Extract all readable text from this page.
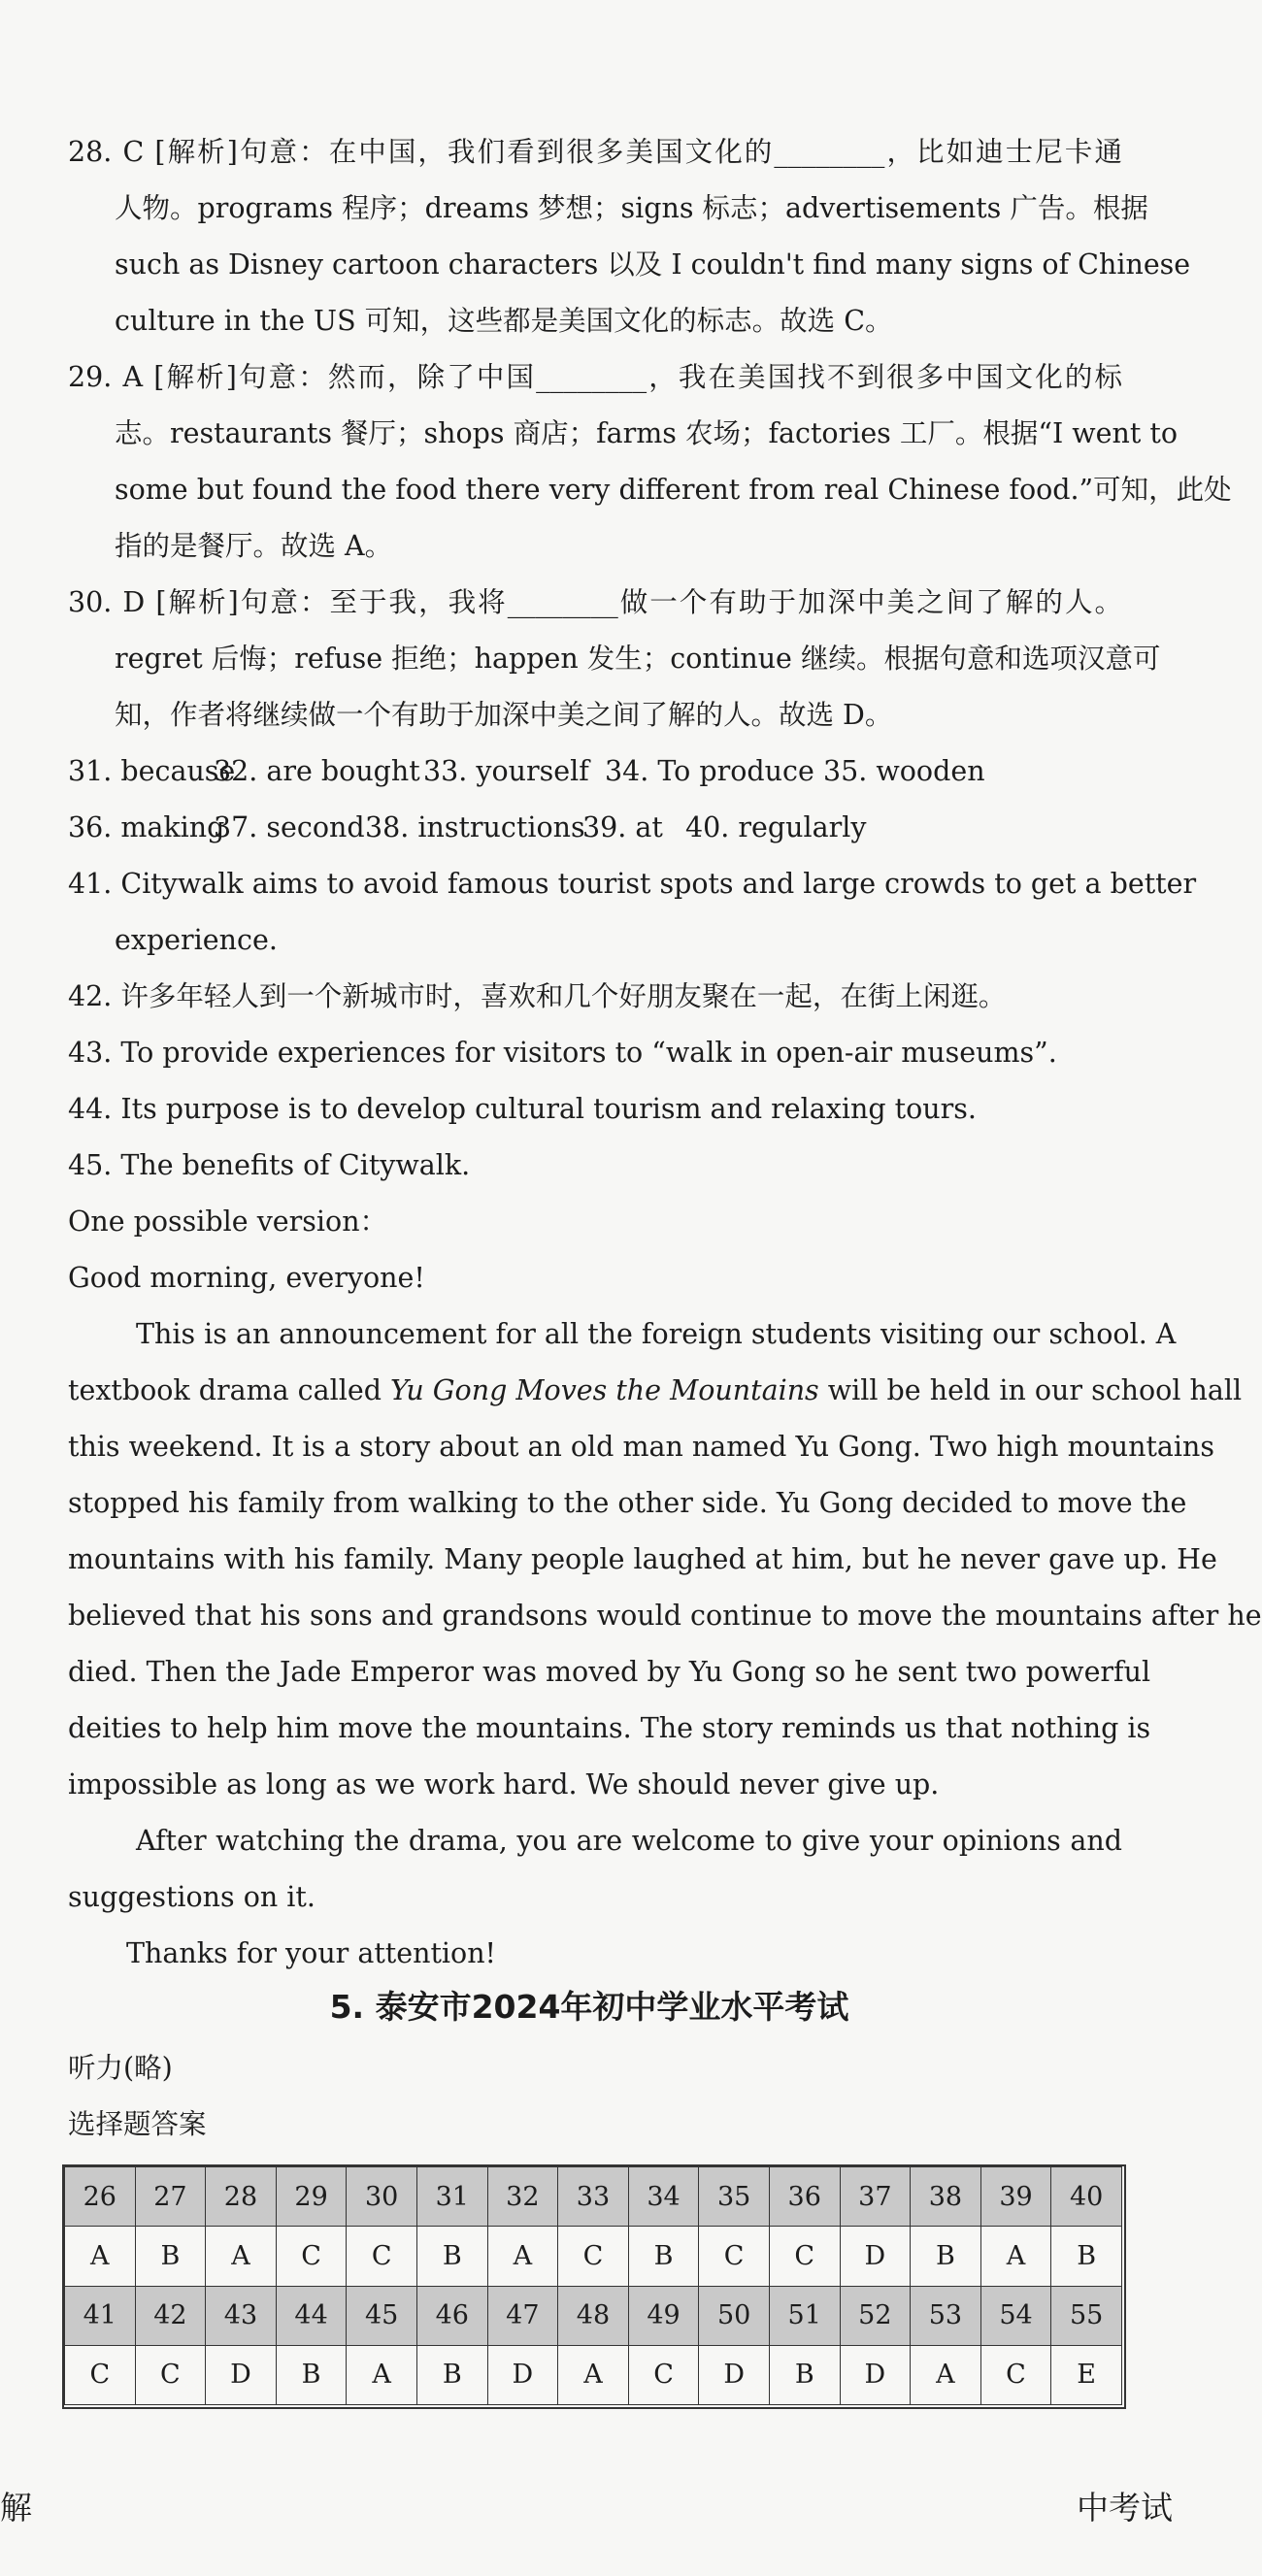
28. C [解析]句意：在中国，我们看到很多美国文化的________，比如迪士尼卡通
人物。programs 程序；dreams 梦想；signs 标志；advertisements 广告。根据
such as Disney cartoon characters 以及 I couldn't find many signs of Chinese
culture in the US 可知，这些都是美国文化的标志。故选 C。
29. A [解析]句意：然而，除了中国________，我在美国找不到很多中国文化的标
志。restaurants 餐厅；shops 商店；farms 农场；factories 工厂。根据“I went to
some but found the food there very different from real Chinese food.”可知，此处
指的是餐厅。故选 A。
30. D [解析]句意：至于我，我将________做一个有助于加深中美之间了解的人。
regret 后悔；refuse 拒绝；happen 发生；continue 继续。根据句意和选项汉意可
知，作者将继续做一个有助于加深中美之间了解的人。故选 D。
31. because32. are bought 33. yourself 34. To produce 35. wooden
36. making37. second38. instructions39. at 40. regularly
41. Citywalk aims to avoid famous tourist spots and large crowds to get a better
experience.
42. 许多年轻人到一个新城市时，喜欢和几个好朋友聚在一起，在街上闲逛。
43. To provide experiences for visitors to “walk in open-air museums”.
44. Its purpose is to develop cultural tourism and relaxing tours.
45. The benefits of Citywalk.
One possible version：
Good morning, everyone!
This is an announcement for all the foreign students visiting our school. A
textbook drama called Yu Gong Moves the Mountains will be held in our school hall
this weekend. It is a story about an old man named Yu Gong. Two high mountains
stopped his family from walking to the other side. Yu Gong decided to move the
mountains with his family. Many people laughed at him, but he never gave up. He
believed that his sons and grandsons would continue to move the mountains after he
died. Then the Jade Emperor was moved by Yu Gong so he sent two powerful
deities to help him move the mountains. The story reminds us that nothing is
impossible as long as we work hard. We should never give up.
After watching the drama, you are welcome to give your opinions and
suggestions on it.
Thanks for your attention!
5. 泰安市2024年初中学业水平考试
听力(略)
选择题答案
26	27	28	29	30	31	32	33	34	35	36	37	38	39	40
A	B	A	C	C	B	A	C	B	C	C	D	B	A	B
41	42	43	44	45	46	47	48	49	50	51	52	53	54	55
C	C	D	B	A	B	D	A	C	D	B	D	A	C	E
解	中考试
